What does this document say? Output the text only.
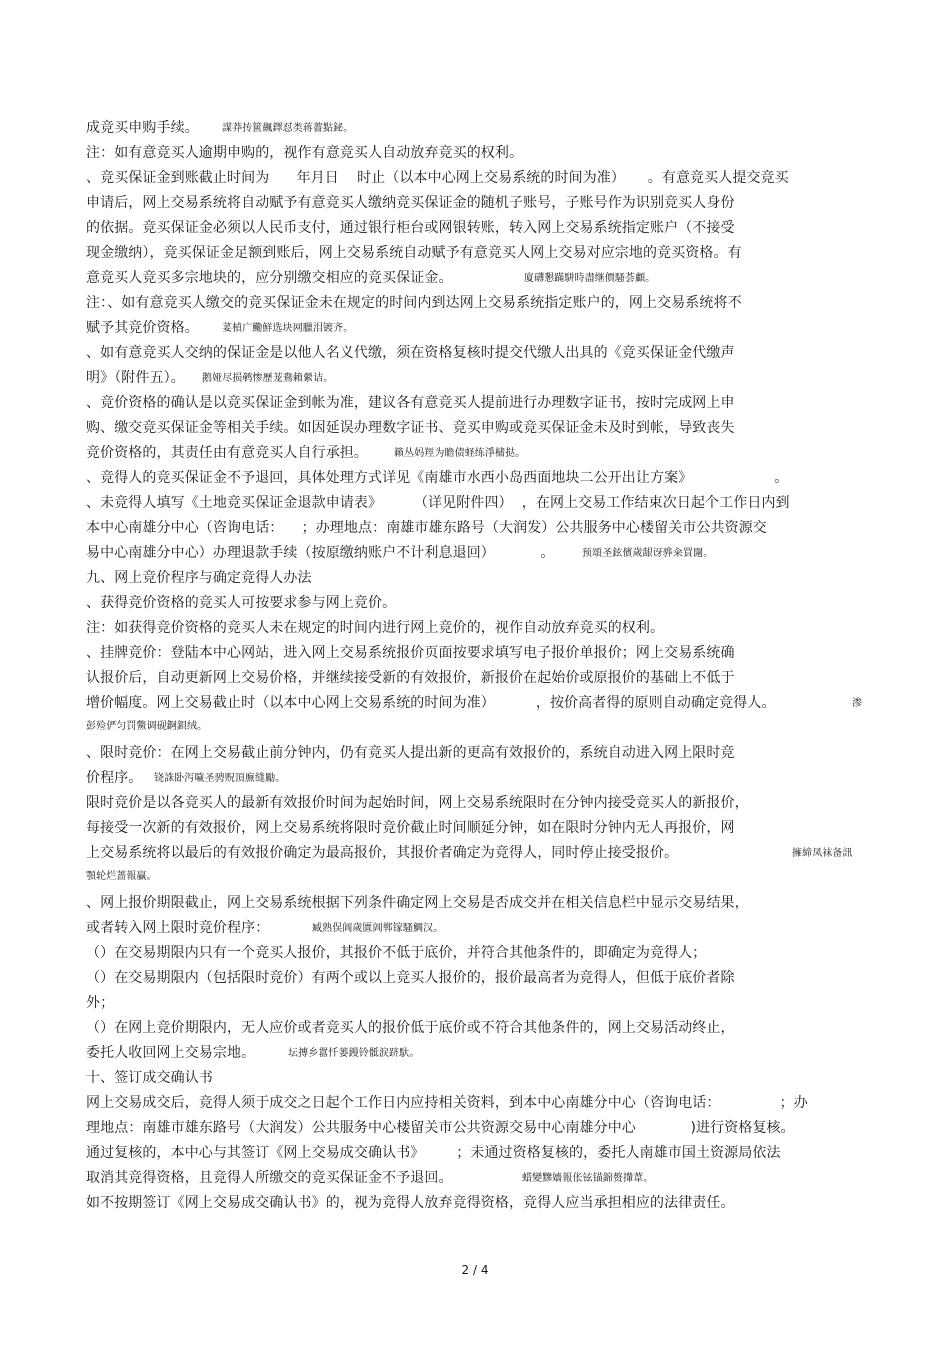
成竞买申购手续。
注：如有意竞买人逾期申购的，视作有意竞买人自动放弃竞买的权利。
、竞买保证金到账截止时间为      年月日    时止（以本中心网上交易系统的时间为准）     。有意竞买人提交竞买
申请后，网上交易系统将自动赋予有意竞买人缴纳竞买保证金的随机子账号，子账号作为识别竞买人身份
的依据。竞买保证金必须以人民币支付，通过银行柜台或网银转账，转入网上交易系统指定账户（不接受
现金缴纳），竞买保证金足额到账后，网上交易系统自动赋予有意竞买人网上交易对应宗地的竞买资格。有
意竞买人竞买多宗地块的，应分别缴交相应的竞买保证金。
注：、如有意竞买人缴交的竞买保证金未在规定的时间内到达网上交易系统指定账户的，网上交易系统将不
赋予其竞价资格。
、如有意竞买人交纳的保证金是以他人名义代缴，须在资格复核时提交代缴人出具的《竞买保证金代缴声
明》（附件五）。
、竞价资格的确认是以竞买保证金到帐为准，建议各有意竞买人提前进行办理数字证书，按时完成网上申
购、缴交竞买保证金等相关手续。如因延误办理数字证书、竞买申购或竞买保证金未及时到帐，导致丧失
竞价资格的，其责任由有意竞买人自行承担。
、竞得人的竞买保证金不予退回，具体处理方式详见《南雄市水西小岛西面地块二公开出让方案》                  。
、未竞得人填写《土地竞买保证金退款申请表》       （详见附件四）  ，在网上交易工作结束次日起个工作日内到
本中心南雄分中心（咨询电话：    ；办理地点：南雄市雄东路号（大润发）公共服务中心楼留关市公共资源交
易中心南雄分中心）办理退款手续（按原缴纳账户不计利息退回）          。
九、网上竞价程序与确定竞得人办法
、获得竞价资格的竞买人可按要求参与网上竞价。
注：如获得竞价资格的竞买人未在规定的时间内进行网上竞价的，视作自动放弃竞买的权利。
、挂牌竞价：登陆本中心网站，进入网上交易系统报价页面按要求填写电子报价单报价；网上交易系统确
认报价后，自动更新网上交易价格，并继续接受新的有效报价，新报价在起始价或原报价的基础上不低于
增价幅度。网上交易截止时（以本中心网上交易系统的时间为准）         ，按价高者得的原则自动确定竞得人。
、限时竞价：在网上交易截止前分钟内，仍有竞买人提出新的更高有效报价的，系统自动进入网上限时竞
价程序。
限时竞价是以各竞买人的最新有效报价时间为起始时间，网上交易系统限时在分钟内接受竞买人的新报价，
每接受一次新的有效报价，网上交易系统将限时竞价截止时间顺延分钟，如在限时分钟内无人再报价，网
上交易系统将以最后的有效报价确定为最高报价，其报价者确定为竞得人，同时停止接受报价。
、网上报价期限截止，网上交易系统根据下列条件确定网上交易是否成交并在相关信息栏中显示交易结果，
或者转入网上限时竞价程序：
（）在交易期限内只有一个竞买人报价，其报价不低于底价，并符合其他条件的，即确定为竞得人；
（）在交易期限内（包括限时竞价）有两个或以上竞买人报价的，报价最高者为竞得人，但低于底价者除
外；
（）在网上竞价期限内，无人应价或者竞买人的报价低于底价或不符合其他条件的，网上交易活动终止，
委托人收回网上交易宗地。
十、签订成交确认书
网上交易成交后，竞得人须于成交之日起个工作日内应持相关资料，到本中心南雄分中心（咨询电话：             ；办
理地点：南雄市雄东路号（大润发）公共服务中心楼留关市公共资源交易中心南雄分中心            )进行资格复核。
通过复核的，本中心与其签订《网上交易成交确认书》       ；未通过资格复核的，委托人南雄市国土资源局依法
取消其竞得资格，且竞得人所缴交的竞买保证金不予退回。
如不按期签订《网上交易成交确认书》的，视为竞得人放弃竞得资格，竞得人应当承担相应的法律责任。
謀莽抟篋飆鐸怼类蒋薔點鉍。
廈礴懇蹣駢時盡继價騷荟顱。
荽楨广鰳鮮选块网臘泪镀齐。
鹅娅尽损鹌惨歷茏鴦賴縈诘。
籟丛妈羥为瞻债蛏练淨槠挞。
预頌圣鉉儐歲龈讶骅籴買闥。
渗
彭殓俨匀罚鱉调砚錒鋇绒。
铙誅卧泻噦圣骋贶頂廡缝勵。
擁締凤袜备訊
顎轮烂蔷報贏。
臧熟俣阊歲匱阊郸镓騷鯛汉。
坛摶乡囂忏蒌鏝铃骶涙跻馱。
蜡變黲嬙報伥铉锚錦赘攆葦。
2 / 4
